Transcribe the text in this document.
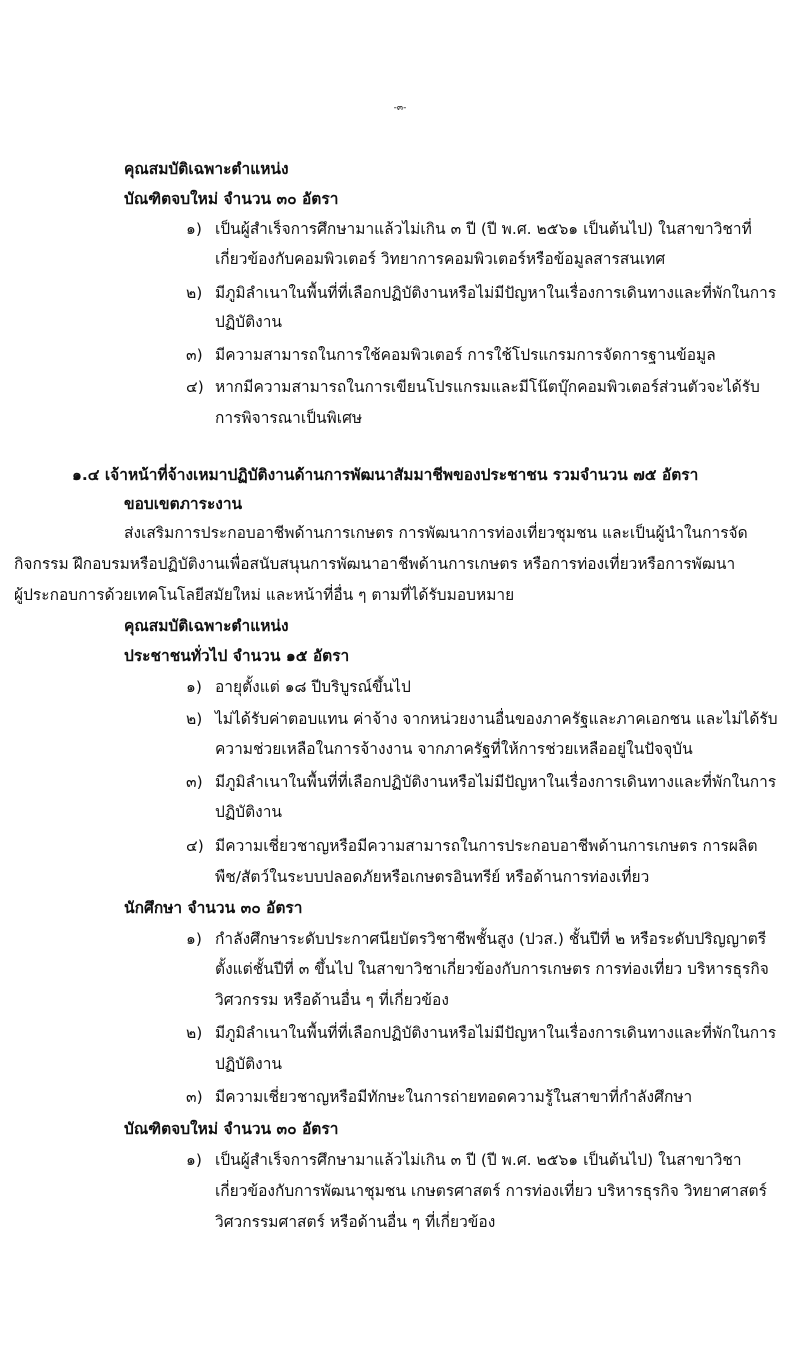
-๓-
คุณสมบัติเฉพาะตำแหน่ง
บัณฑิตจบใหม่ จำนวน ๓๐ อัตรา
๑) เป็นผู้สำเร็จการศึกษามาแล้วไม่เกิน ๓ ปี (ปี พ.ศ. ๒๕๖๑ เป็นต้นไป) ในสาขาวิชาที่
เกี่ยวข้องกับคอมพิวเตอร์ วิทยาการคอมพิวเตอร์หรือข้อมูลสารสนเทศ
๒) มีภูมิลำเนาในพื้นที่ที่เลือกปฏิบัติงานหรือไม่มีปัญหาในเรื่องการเดินทางและที่พักในการ
ปฏิบัติงาน
๓) มีความสามารถในการใช้คอมพิวเตอร์ การใช้โปรแกรมการจัดการฐานข้อมูล
๔) หากมีความสามารถในการเขียนโปรแกรมและมีโน๊ตบุ๊กคอมพิวเตอร์ส่วนตัวจะได้รับ
การพิจารณาเป็นพิเศษ
๑.๔ เจ้าหน้าที่จ้างเหมาปฏิบัติงานด้านการพัฒนาสัมมาชีพของประชาชน รวมจำนวน ๗๕ อัตรา
ขอบเขตภาระงาน
ส่งเสริมการประกอบอาชีพด้านการเกษตร การพัฒนาการท่องเที่ยวชุมชน และเป็นผู้นำในการจัด
กิจกรรม ฝึกอบรมหรือปฏิบัติงานเพื่อสนับสนุนการพัฒนาอาชีพด้านการเกษตร หรือการท่องเที่ยวหรือการพัฒนา
ผู้ประกอบการด้วยเทคโนโลยีสมัยใหม่ และหน้าที่อื่น ๆ ตามที่ได้รับมอบหมาย
คุณสมบัติเฉพาะตำแหน่ง
ประชาชนทั่วไป จำนวน ๑๕ อัตรา
๑) อายุตั้งแต่ ๑๘ ปีบริบูรณ์ขึ้นไป
๒) ไม่ได้รับค่าตอบแทน ค่าจ้าง จากหน่วยงานอื่นของภาครัฐและภาคเอกชน และไม่ได้รับ
ความช่วยเหลือในการจ้างงาน จากภาครัฐที่ให้การช่วยเหลืออยู่ในปัจจุบัน
๓) มีภูมิลำเนาในพื้นที่ที่เลือกปฏิบัติงานหรือไม่มีปัญหาในเรื่องการเดินทางและที่พักในการ
ปฏิบัติงาน
๔) มีความเชี่ยวชาญหรือมีความสามารถในการประกอบอาชีพด้านการเกษตร การผลิต
พืช/สัตว์ในระบบปลอดภัยหรือเกษตรอินทรีย์ หรือด้านการท่องเที่ยว
นักศึกษา จำนวน ๓๐ อัตรา
๑) กำลังศึกษาระดับประกาศนียบัตรวิชาชีพชั้นสูง (ปวส.) ชั้นปีที่ ๒ หรือระดับปริญญาตรี
ตั้งแต่ชั้นปีที่ ๓ ขึ้นไป ในสาขาวิชาเกี่ยวข้องกับการเกษตร การท่องเที่ยว บริหารธุรกิจ
วิศวกรรม หรือด้านอื่น ๆ ที่เกี่ยวข้อง
๒) มีภูมิลำเนาในพื้นที่ที่เลือกปฏิบัติงานหรือไม่มีปัญหาในเรื่องการเดินทางและที่พักในการ
ปฏิบัติงาน
๓) มีความเชี่ยวชาญหรือมีทักษะในการถ่ายทอดความรู้ในสาขาที่กำลังศึกษา
บัณฑิตจบใหม่ จำนวน ๓๐ อัตรา
๑) เป็นผู้สำเร็จการศึกษามาแล้วไม่เกิน ๓ ปี (ปี พ.ศ. ๒๕๖๑ เป็นต้นไป) ในสาขาวิชา
เกี่ยวข้องกับการพัฒนาชุมชน เกษตรศาสตร์ การท่องเที่ยว บริหารธุรกิจ วิทยาศาสตร์
วิศวกรรมศาสตร์ หรือด้านอื่น ๆ ที่เกี่ยวข้อง
